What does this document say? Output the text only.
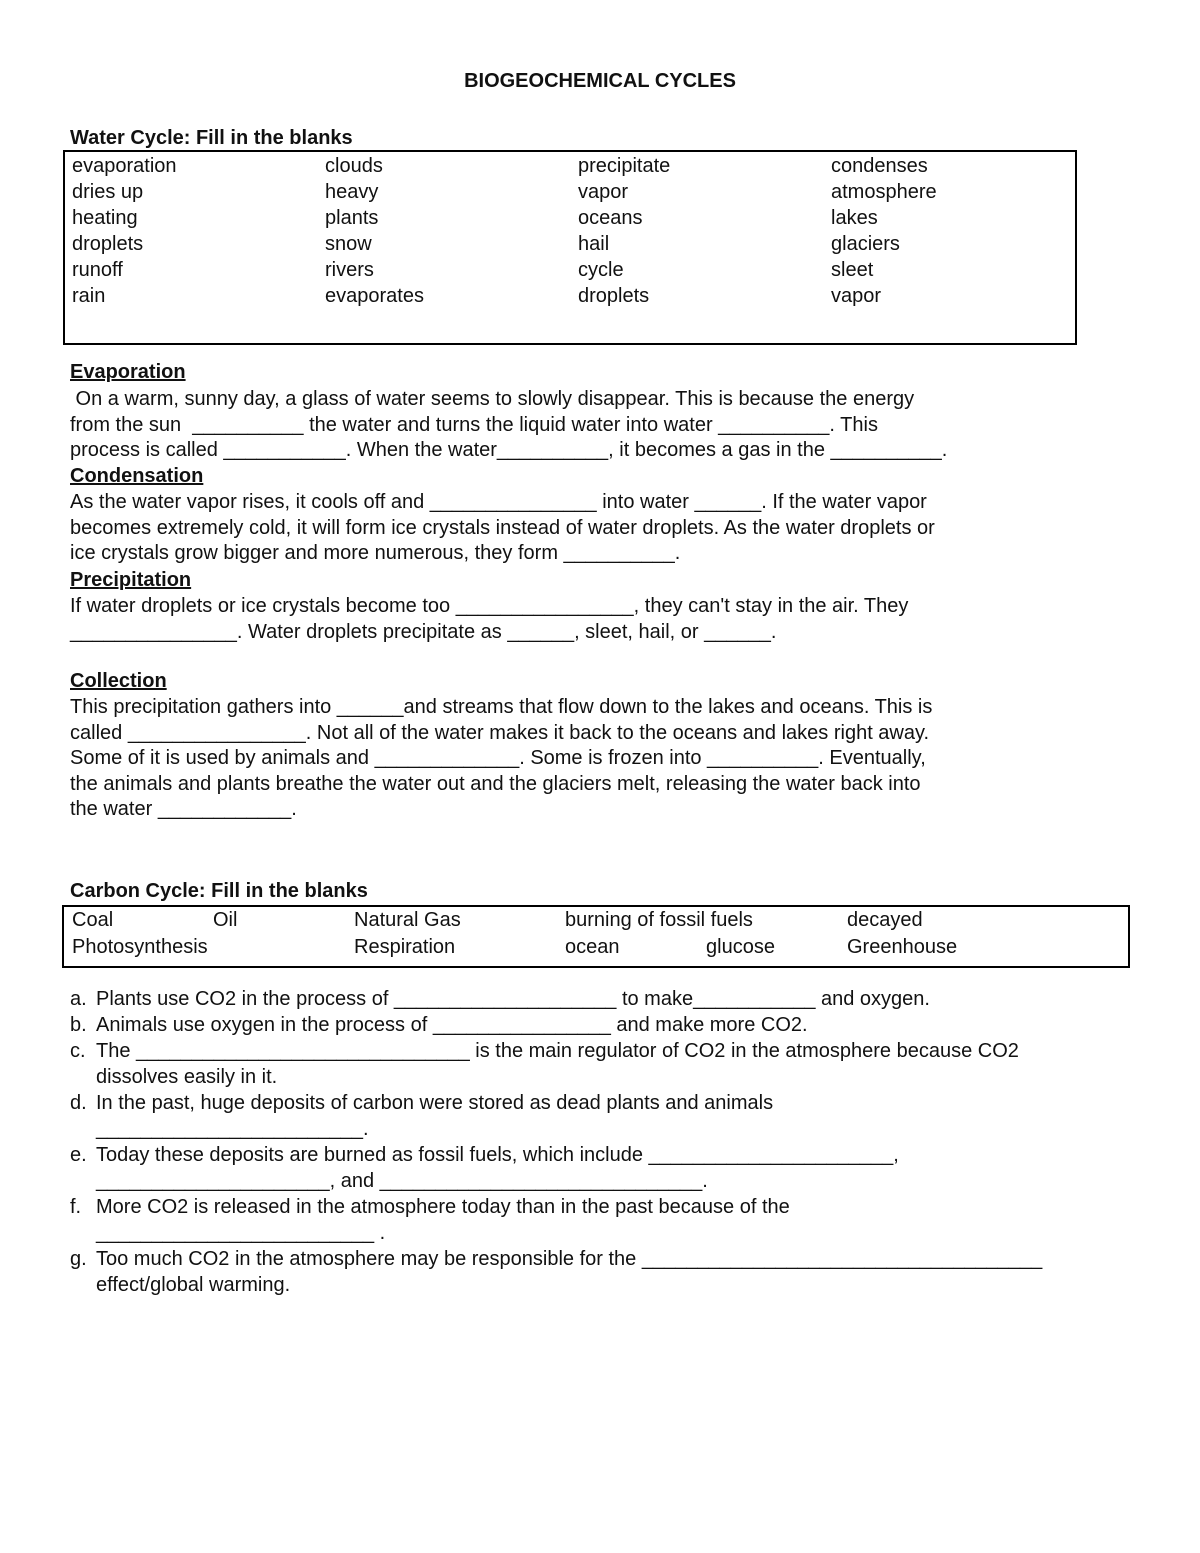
BIOGEOCHEMICAL CYCLES
Water Cycle: Fill in the blanks
evaporation	clouds	precipitate	condenses
dries up	heavy	vapor	atmosphere
heating	plants	oceans	lakes
droplets	snow	hail	glaciers
runoff	rivers	cycle	sleet
rain	evaporates	droplets	vapor
Evaporation
On a warm, sunny day, a glass of water seems to slowly disappear. This is because the energy
from the sun  __________ the water and turns the liquid water into water __________. This
process is called ___________. When the water__________, it becomes a gas in the __________.
Condensation
As the water vapor rises, it cools off and _______________ into water ______. If the water vapor
becomes extremely cold, it will form ice crystals instead of water droplets. As the water droplets or
ice crystals grow bigger and more numerous, they form __________.
Precipitation
If water droplets or ice crystals become too ________________, they can't stay in the air. They
_______________. Water droplets precipitate as ______, sleet, hail, or ______.
Collection
This precipitation gathers into ______and streams that flow down to the lakes and oceans. This is
called ________________. Not all of the water makes it back to the oceans and lakes right away.
Some of it is used by animals and _____________. Some is frozen into __________. Eventually,
the animals and plants breathe the water out and the glaciers melt, releasing the water back into
the water ____________.
Carbon Cycle: Fill in the blanks
Coal	Oil	Natural Gas	burning of fossil fuels	decayed
Photosynthesis	Respiration	ocean	glucose	Greenhouse
a. Plants use CO2 in the process of ____________________ to make___________ and oxygen.
b. Animals use oxygen in the process of ________________ and make more CO2.
c. The ______________________________ is the main regulator of CO2 in the atmosphere because CO2
dissolves easily in it.
d. In the past, huge deposits of carbon were stored as dead plants and animals
________________________.
e. Today these deposits are burned as fossil fuels, which include ______________________,
_____________________, and _____________________________.
f. More CO2 is released in the atmosphere today than in the past because of the
_________________________ .
g. Too much CO2 in the atmosphere may be responsible for the ____________________________________
effect/global warming.
